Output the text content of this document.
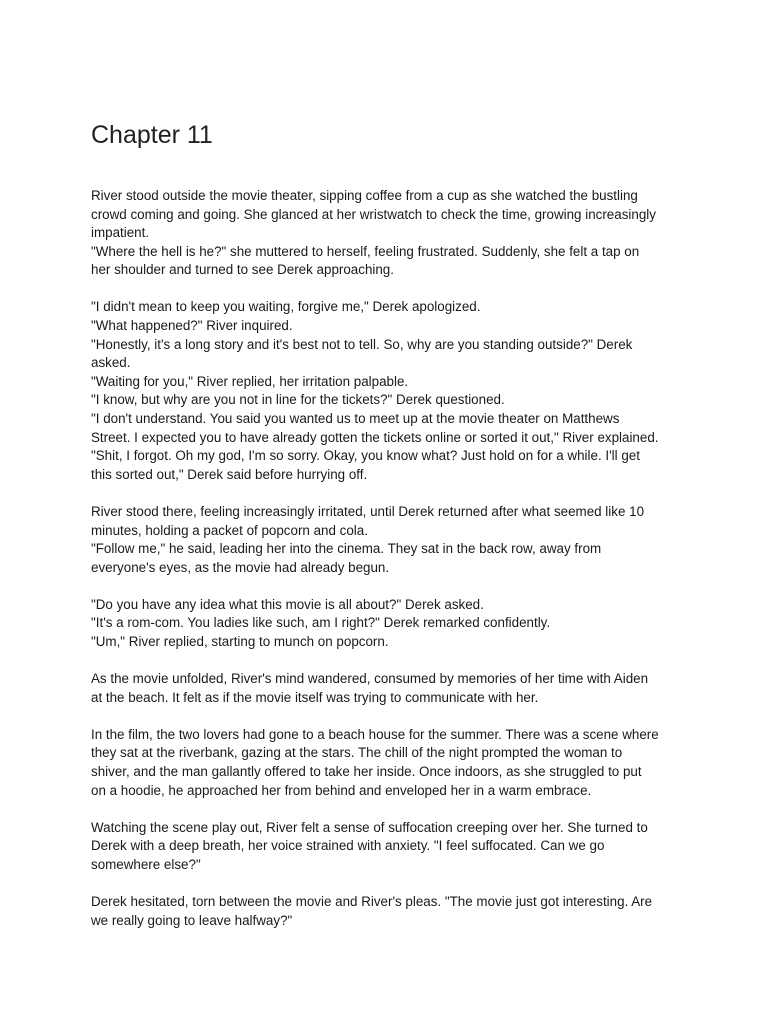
Chapter 11
River stood outside the movie theater, sipping coffee from a cup as she watched the bustling
crowd coming and going. She glanced at her wristwatch to check the time, growing increasingly
impatient.
"Where the hell is he?" she muttered to herself, feeling frustrated. Suddenly, she felt a tap on
her shoulder and turned to see Derek approaching.
"I didn't mean to keep you waiting, forgive me," Derek apologized.
"What happened?" River inquired.
"Honestly, it's a long story and it's best not to tell. So, why are you standing outside?" Derek
asked.
"Waiting for you," River replied, her irritation palpable.
"I know, but why are you not in line for the tickets?" Derek questioned.
"I don't understand. You said you wanted us to meet up at the movie theater on Matthews
Street. I expected you to have already gotten the tickets online or sorted it out," River explained.
"Shit, I forgot. Oh my god, I'm so sorry. Okay, you know what? Just hold on for a while. I'll get
this sorted out," Derek said before hurrying off.
River stood there, feeling increasingly irritated, until Derek returned after what seemed like 10
minutes, holding a packet of popcorn and cola.
"Follow me," he said, leading her into the cinema. They sat in the back row, away from
everyone's eyes, as the movie had already begun.
"Do you have any idea what this movie is all about?" Derek asked.
"It's a rom-com. You ladies like such, am I right?" Derek remarked confidently.
"Um," River replied, starting to munch on popcorn.
As the movie unfolded, River's mind wandered, consumed by memories of her time with Aiden
at the beach. It felt as if the movie itself was trying to communicate with her.
In the film, the two lovers had gone to a beach house for the summer. There was a scene where
they sat at the riverbank, gazing at the stars. The chill of the night prompted the woman to
shiver, and the man gallantly offered to take her inside. Once indoors, as she struggled to put
on a hoodie, he approached her from behind and enveloped her in a warm embrace.
Watching the scene play out, River felt a sense of suffocation creeping over her. She turned to
Derek with a deep breath, her voice strained with anxiety. "I feel suffocated. Can we go
somewhere else?"
Derek hesitated, torn between the movie and River's pleas. "The movie just got interesting. Are
we really going to leave halfway?"
